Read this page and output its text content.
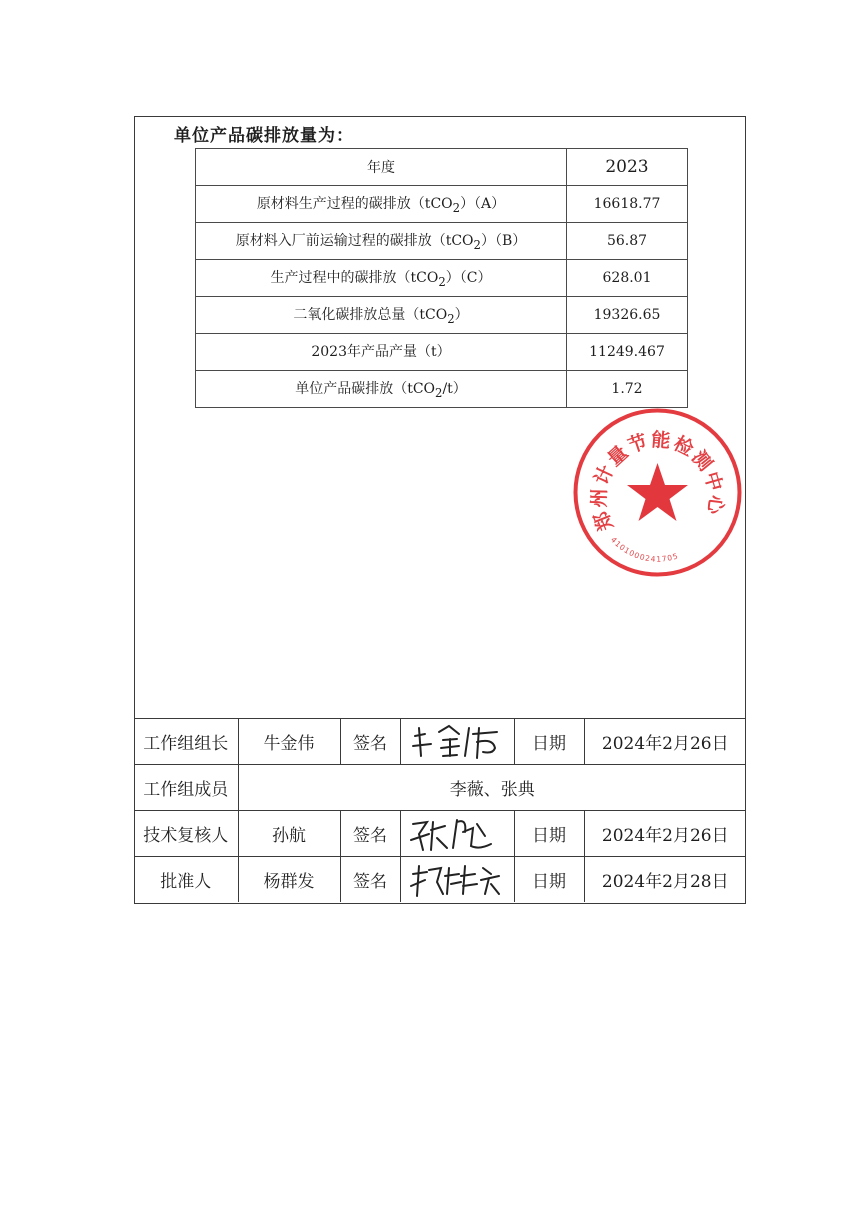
单位产品碳排放量为：
年度	2023
原材料生产过程的碳排放（tCO$_2$）（A）	16618.77
原材料入厂前运输过程的碳排放（tCO$_2$）（B）	56.87
生产过程中的碳排放（tCO$_2$）（C）	628.01
二氧化碳排放总量（tCO$_2$）	19326.65
2023年产品产量（t）	11249.467
单位产品碳排放（tCO$_2$/t）	1.72
郑州计量节能检测中心
4101000241705
工作组组长	牛金伟	签名		日期	2024年2月26日
工作组成员	李薇、张典				
技术复核人	孙航	签名		日期	2024年2月26日
批准人	杨群发	签名		日期	2024年2月28日
